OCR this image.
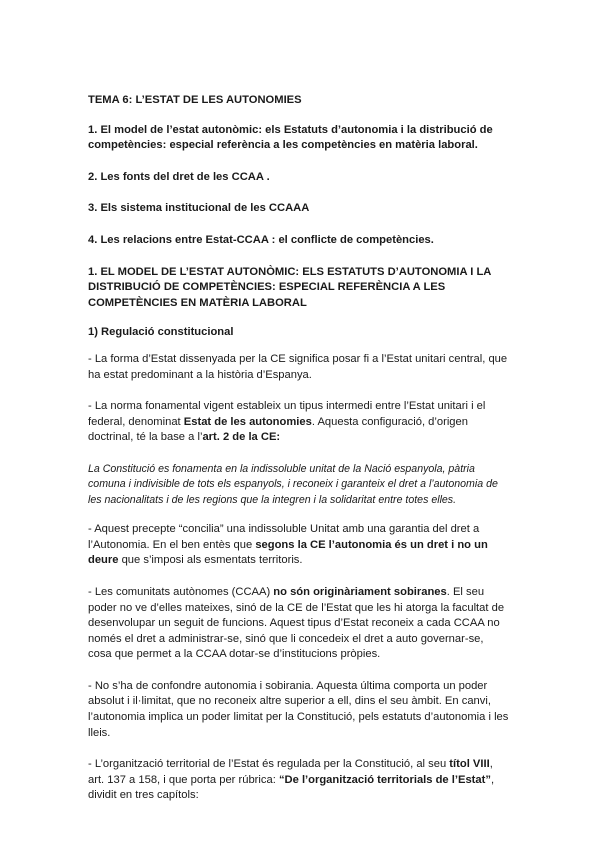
TEMA 6: L’ESTAT DE LES AUTONOMIES

1. El model de l’estat autonòmic: els Estatuts d’autonomia i la distribució de competències: especial referència a les competències en matèria laboral.

2. Les fonts del dret de les CCAA .

3. Els sistema institucional de les CCAAA

4. Les relacions entre Estat-CCAA : el conflicte de competències.

1. EL MODEL DE L’ESTAT AUTONÒMIC: ELS ESTATUTS D’AUTONOMIA I LA DISTRIBUCIÓ DE COMPETÈNCIES: ESPECIAL REFERÈNCIA A LES COMPETÈNCIES EN MATÈRIA LABORAL

1) Regulació constitucional

- La forma d’Estat dissenyada per la CE significa posar fi a l’Estat unitari central, que ha estat predominant a la història d’Espanya.

- La norma fonamental vigent estableix un tipus intermedi entre l’Estat unitari i el federal, denominat Estat de les autonomies. Aquesta configuració, d’origen doctrinal, té la base a l’art. 2 de la CE:

La Constitució es fonamenta en la indissoluble unitat de la Nació espanyola, pàtria comuna i indivisible de tots els espanyols, i reconeix i garanteix el dret a l’autonomia de les nacionalitats i de les regions que la integren i la solidaritat entre totes elles.

- Aquest precepte “concilia” una indissoluble Unitat amb una garantia del dret a l’Autonomia. En el ben entès que segons la CE l’autonomia és un dret i no un deure que s’imposi als esmentats territoris.

- Les comunitats autònomes (CCAA) no són originàriament sobiranes. El seu poder no ve d’elles mateixes, sinó de la CE de l’Estat que les hi atorga la facultat de desenvolupar un seguit de funcions. Aquest tipus d’Estat reconeix a cada CCAA no només el dret a administrar-se, sinó que li concedeix el dret a auto governar-se, cosa que permet a la CCAA dotar-se d’institucions pròpies.

- No s’ha de confondre autonomia i sobirania. Aquesta última comporta un poder absolut i il·limitat, que no reconeix altre superior a ell, dins el seu àmbit. En canvi, l’autonomia implica un poder limitat per la Constitució, pels estatuts d’autonomia i les lleis.

- L’organització territorial de l’Estat és regulada per la Constitució, al seu títol VIII, art. 137 a 158, i que porta per rúbrica: “De l’organització territorials de l’Estat”, dividit en tres capítols:
